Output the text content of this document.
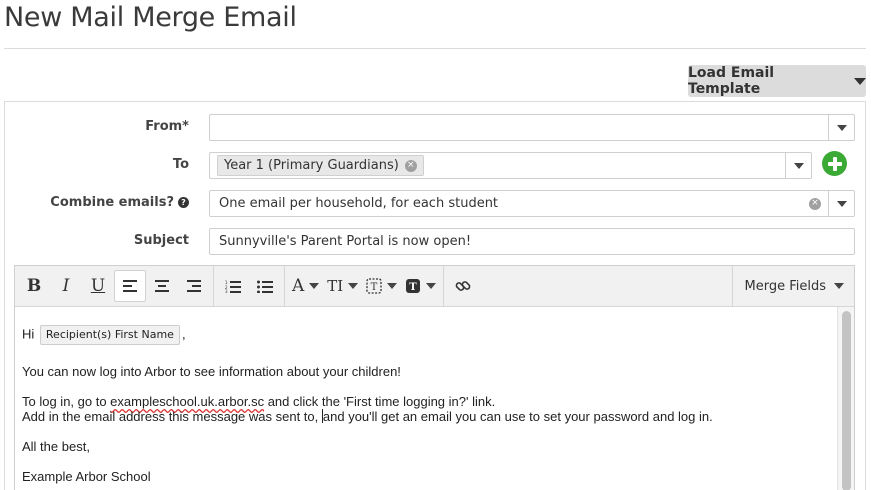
New Mail Merge Email
Load Email Template
From*
To	Year 1 (Primary Guardians) ×
Combine emails? ?	One email per household, for each student	×
Subject	Sunnyville's Parent Portal is now open!
B	I	U	1
2
3	A TI	T	T	Merge Fields

Hi Recipient(s) First Name ,

You can now log into Arbor to see information about your children!

To log in, go to exampleschool.uk.arbor.sc and click the 'First time logging in?' link.

Add in the email address this message was sent to, and you'll get an email you can use to set your password and log in.

All the best,

Example Arbor School
